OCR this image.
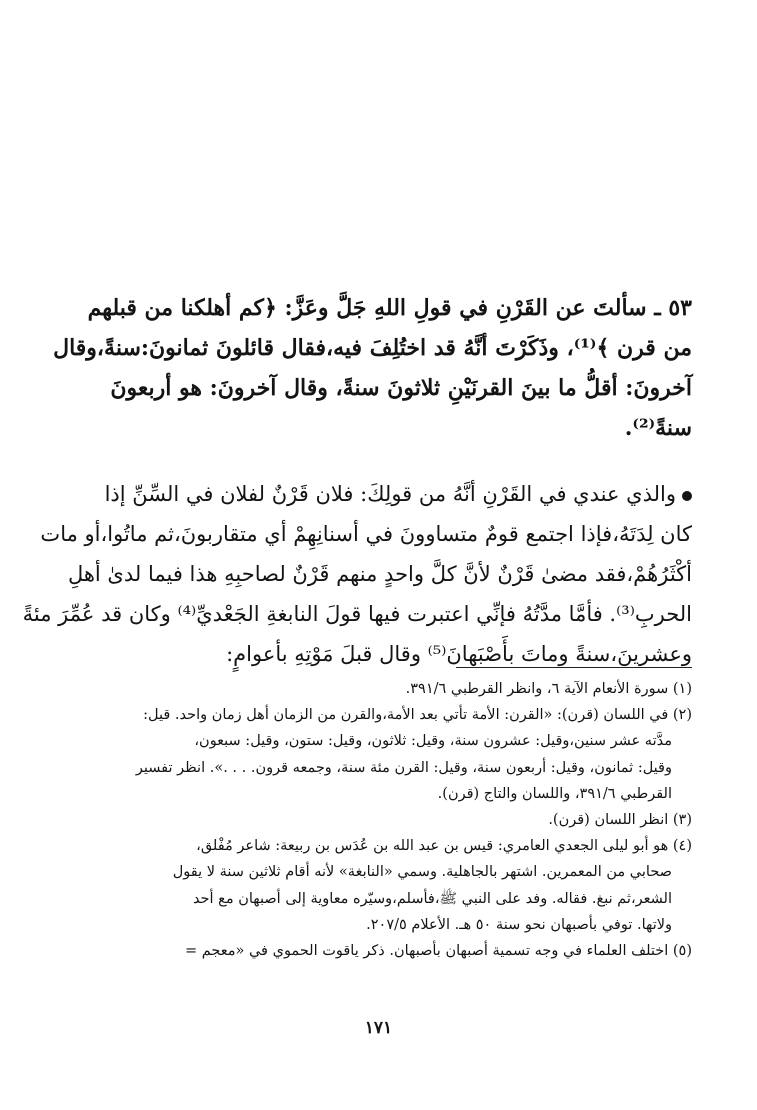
٥٣ ـ سألتَ عن القَرْنِ في قولِ اللهِ جَلَّ وعَزَّ: ﴿كم أهلكنا من قبلهم
من قرن ﴾⁽¹⁾، وذَكَرْتَ أنَّهُ قد اختُلِفَ فيه،فقال قائلونَ ثمانونَ:سنةً،وقال
آخرونَ: أقلُّ ما بينَ القرنَيْنِ ثلاثونَ سنةً، وقال آخرونَ: هو أربعونَ
سنةً⁽²⁾.
والذي عندي في القَرْنِ أنَّهُ من قولِكَ: فلان قَرْنٌ لفلان في السِّنِّ إذا
كان لِدَتَهُ،فإذا اجتمع قومٌ متساوونَ في أسنانِهِمْ أي متقاربونَ،ثم ماتُوا،أو مات
أكْثَرُهُمْ،فقد مضىٰ قَرْنٌ لأنَّ كلَّ واحدٍ منهم قَرْنٌ لصاحبِهِ هذا فيما لدىٰ أهلِ
الحربِ⁽³⁾. فأمَّا مدَّتُهُ فإنِّي اعتبرت فيها قولَ النابغةِ الجَعْديِّ⁽⁴⁾ وكان قد عُمِّرَ مئةً
وعشرينَ،سنةً وماتَ بأَصْبَهانَ⁽⁵⁾ وقال قبلَ مَوْتِهِ بأعوامٍ:
(١) سورة الأنعام الآية ٦، وانظر القرطبي ٣٩١/٦.
(٢) في اللسان (قرن): «القرن: الأمة تأتي بعد الأمة،والقرن من الزمان أهل زمان واحد. قيل:
مدَّته عشر سنين،وقيل: عشرون سنة، وقيل: ثلاثون، وقيل: ستون، وقيل: سبعون،
وقيل: ثمانون، وقيل: أربعون سنة، وقيل: القرن مئة سنة، وجمعه قرون. . . .». انظر تفسير
القرطبي ٣٩١/٦، واللسان والتاج (قرن).
(٣) انظر اللسان (قرن).
(٤) هو أبو ليلى الجعدي العامري: قيس بن عبد الله بن عُدَس بن ربيعة: شاعر مُفْلق،
صحابي من المعمرين. اشتهر بالجاهلية. وسمي «النابغة» لأنه أقام ثلاثين سنة لا يقول
الشعر،ثم نبغ. فقاله. وفد على النبي ﷺ،فأسلم،وسيّره معاوية إلى أصبهان مع أحد
ولاتها. توفي بأصبهان نحو سنة ٥٠ هـ. الأعلام ٢٠٧/٥.
(٥) اختلف العلماء في وجه تسمية أصبهان بأصبهان. ذكر ياقوت الحموي في «معجم =
١٧١
